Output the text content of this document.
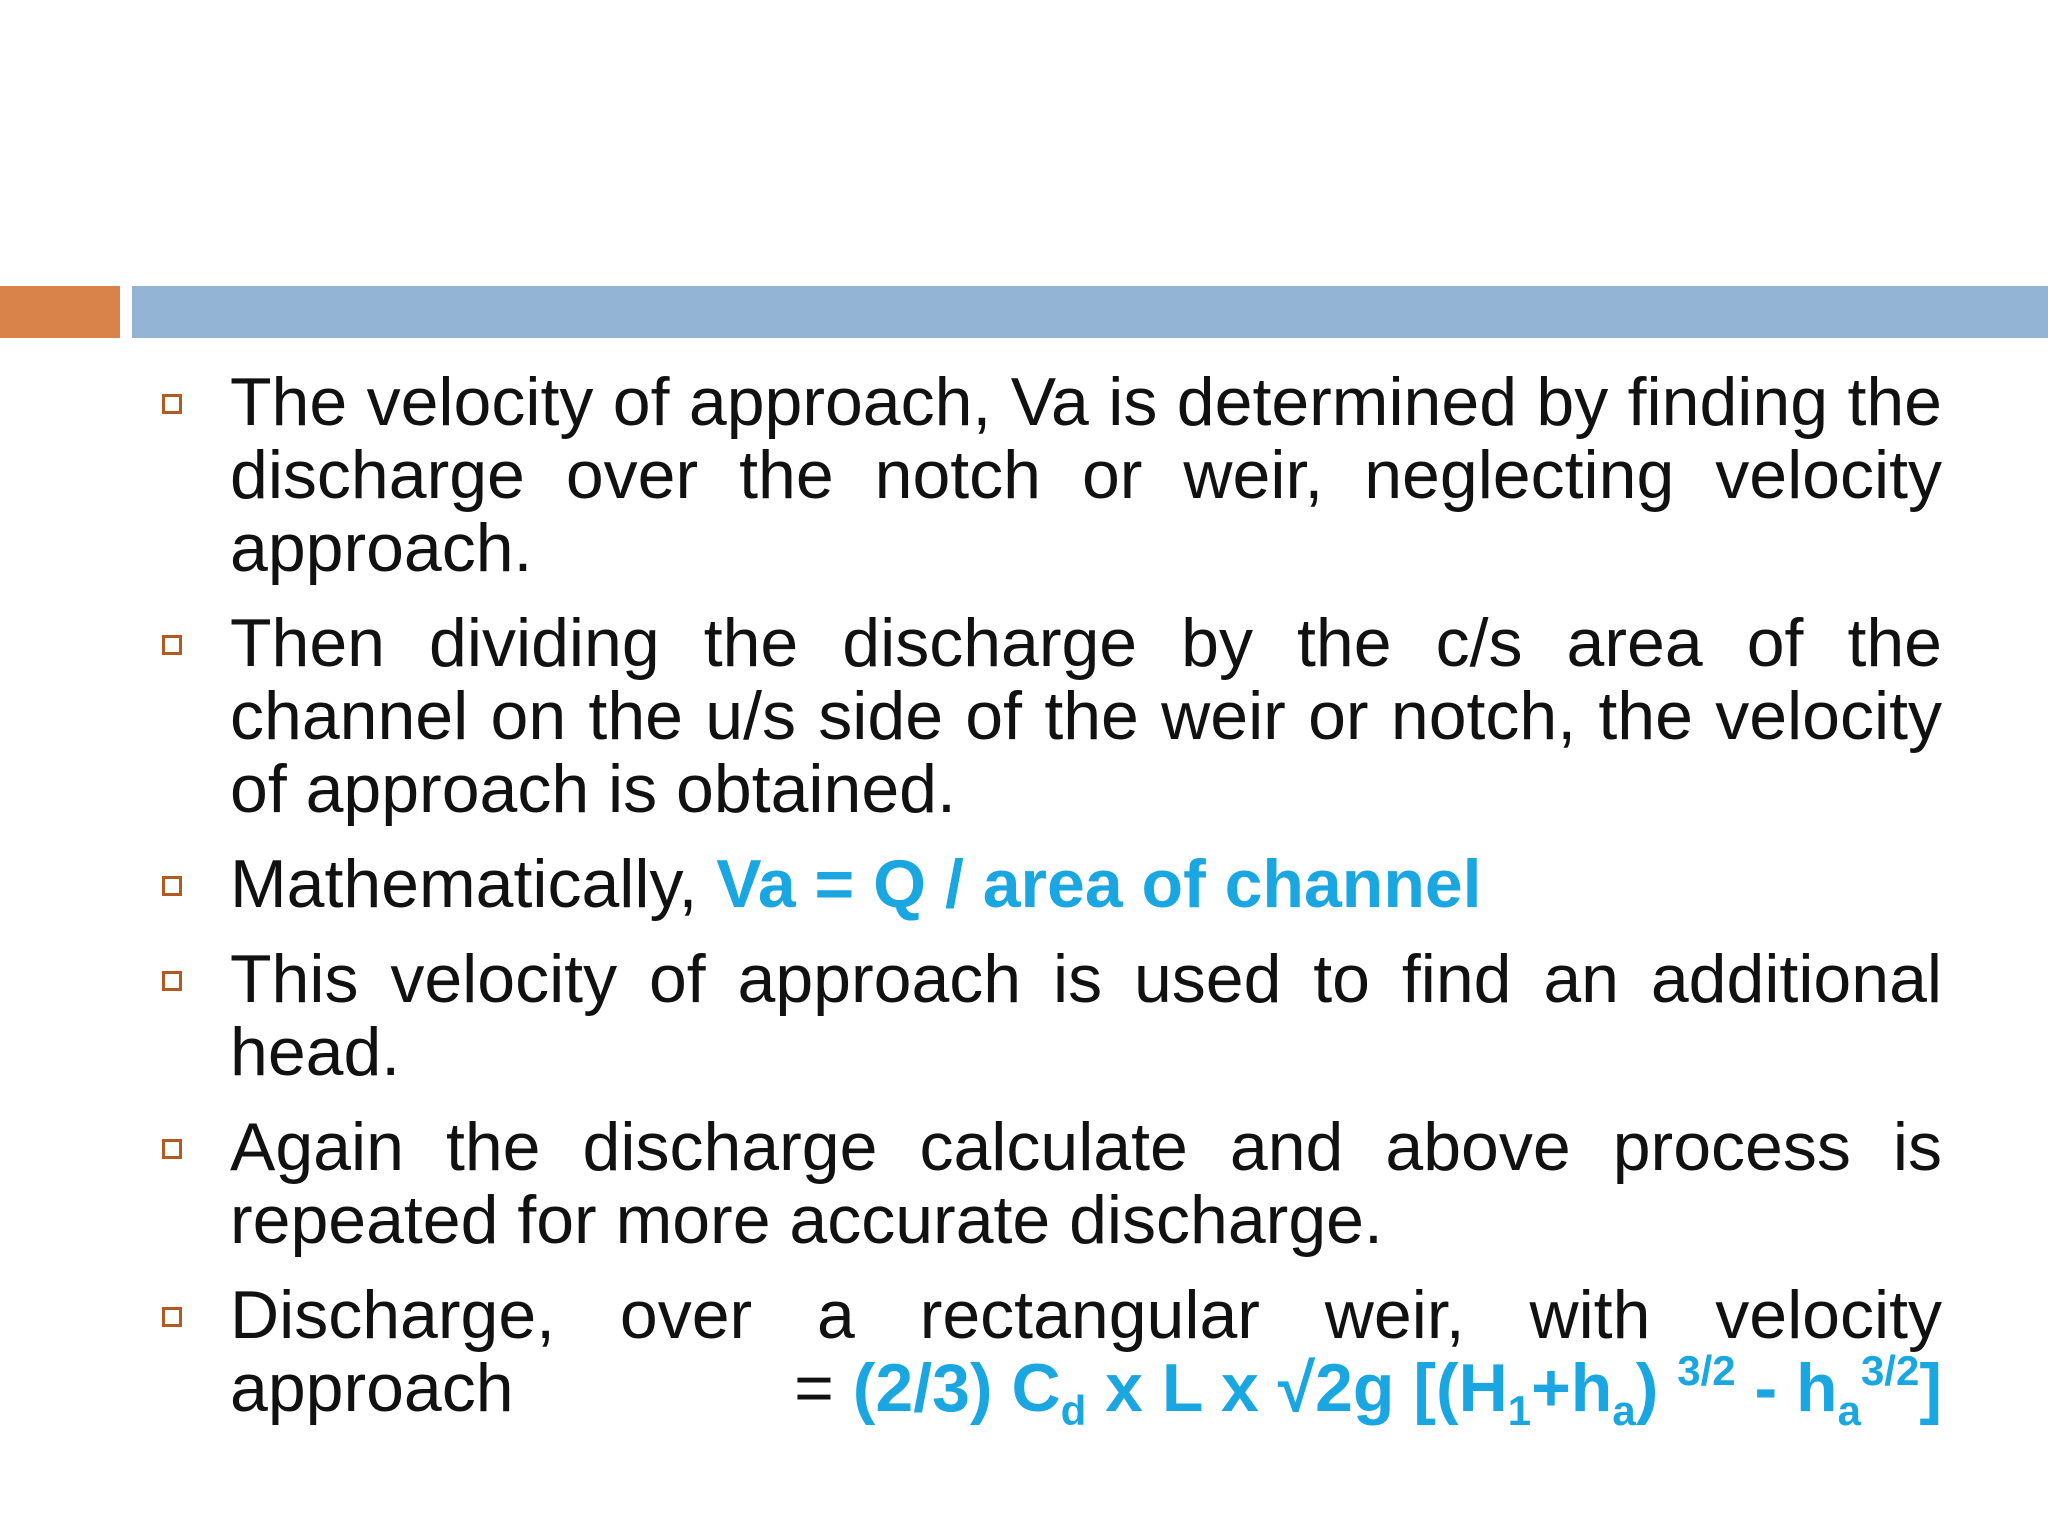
The velocity of approach, Va is determined by finding the discharge over the notch or weir, neglecting velocity approach.
Then dividing the discharge by the c/s area of the channel on the u/s side of the weir or notch, the velocity of approach is obtained.
Mathematically, Va = Q / area of channel
This velocity of approach is used to find an additional head.
Again the discharge calculate and above process is repeated for more accurate discharge.
Discharge, over a rectangular weir, with velocity
approach	= (2/3) $C_d$ x L x √2g [$(H_1+h_a)$ $^{3/2} - h_a^{3/2}$]
